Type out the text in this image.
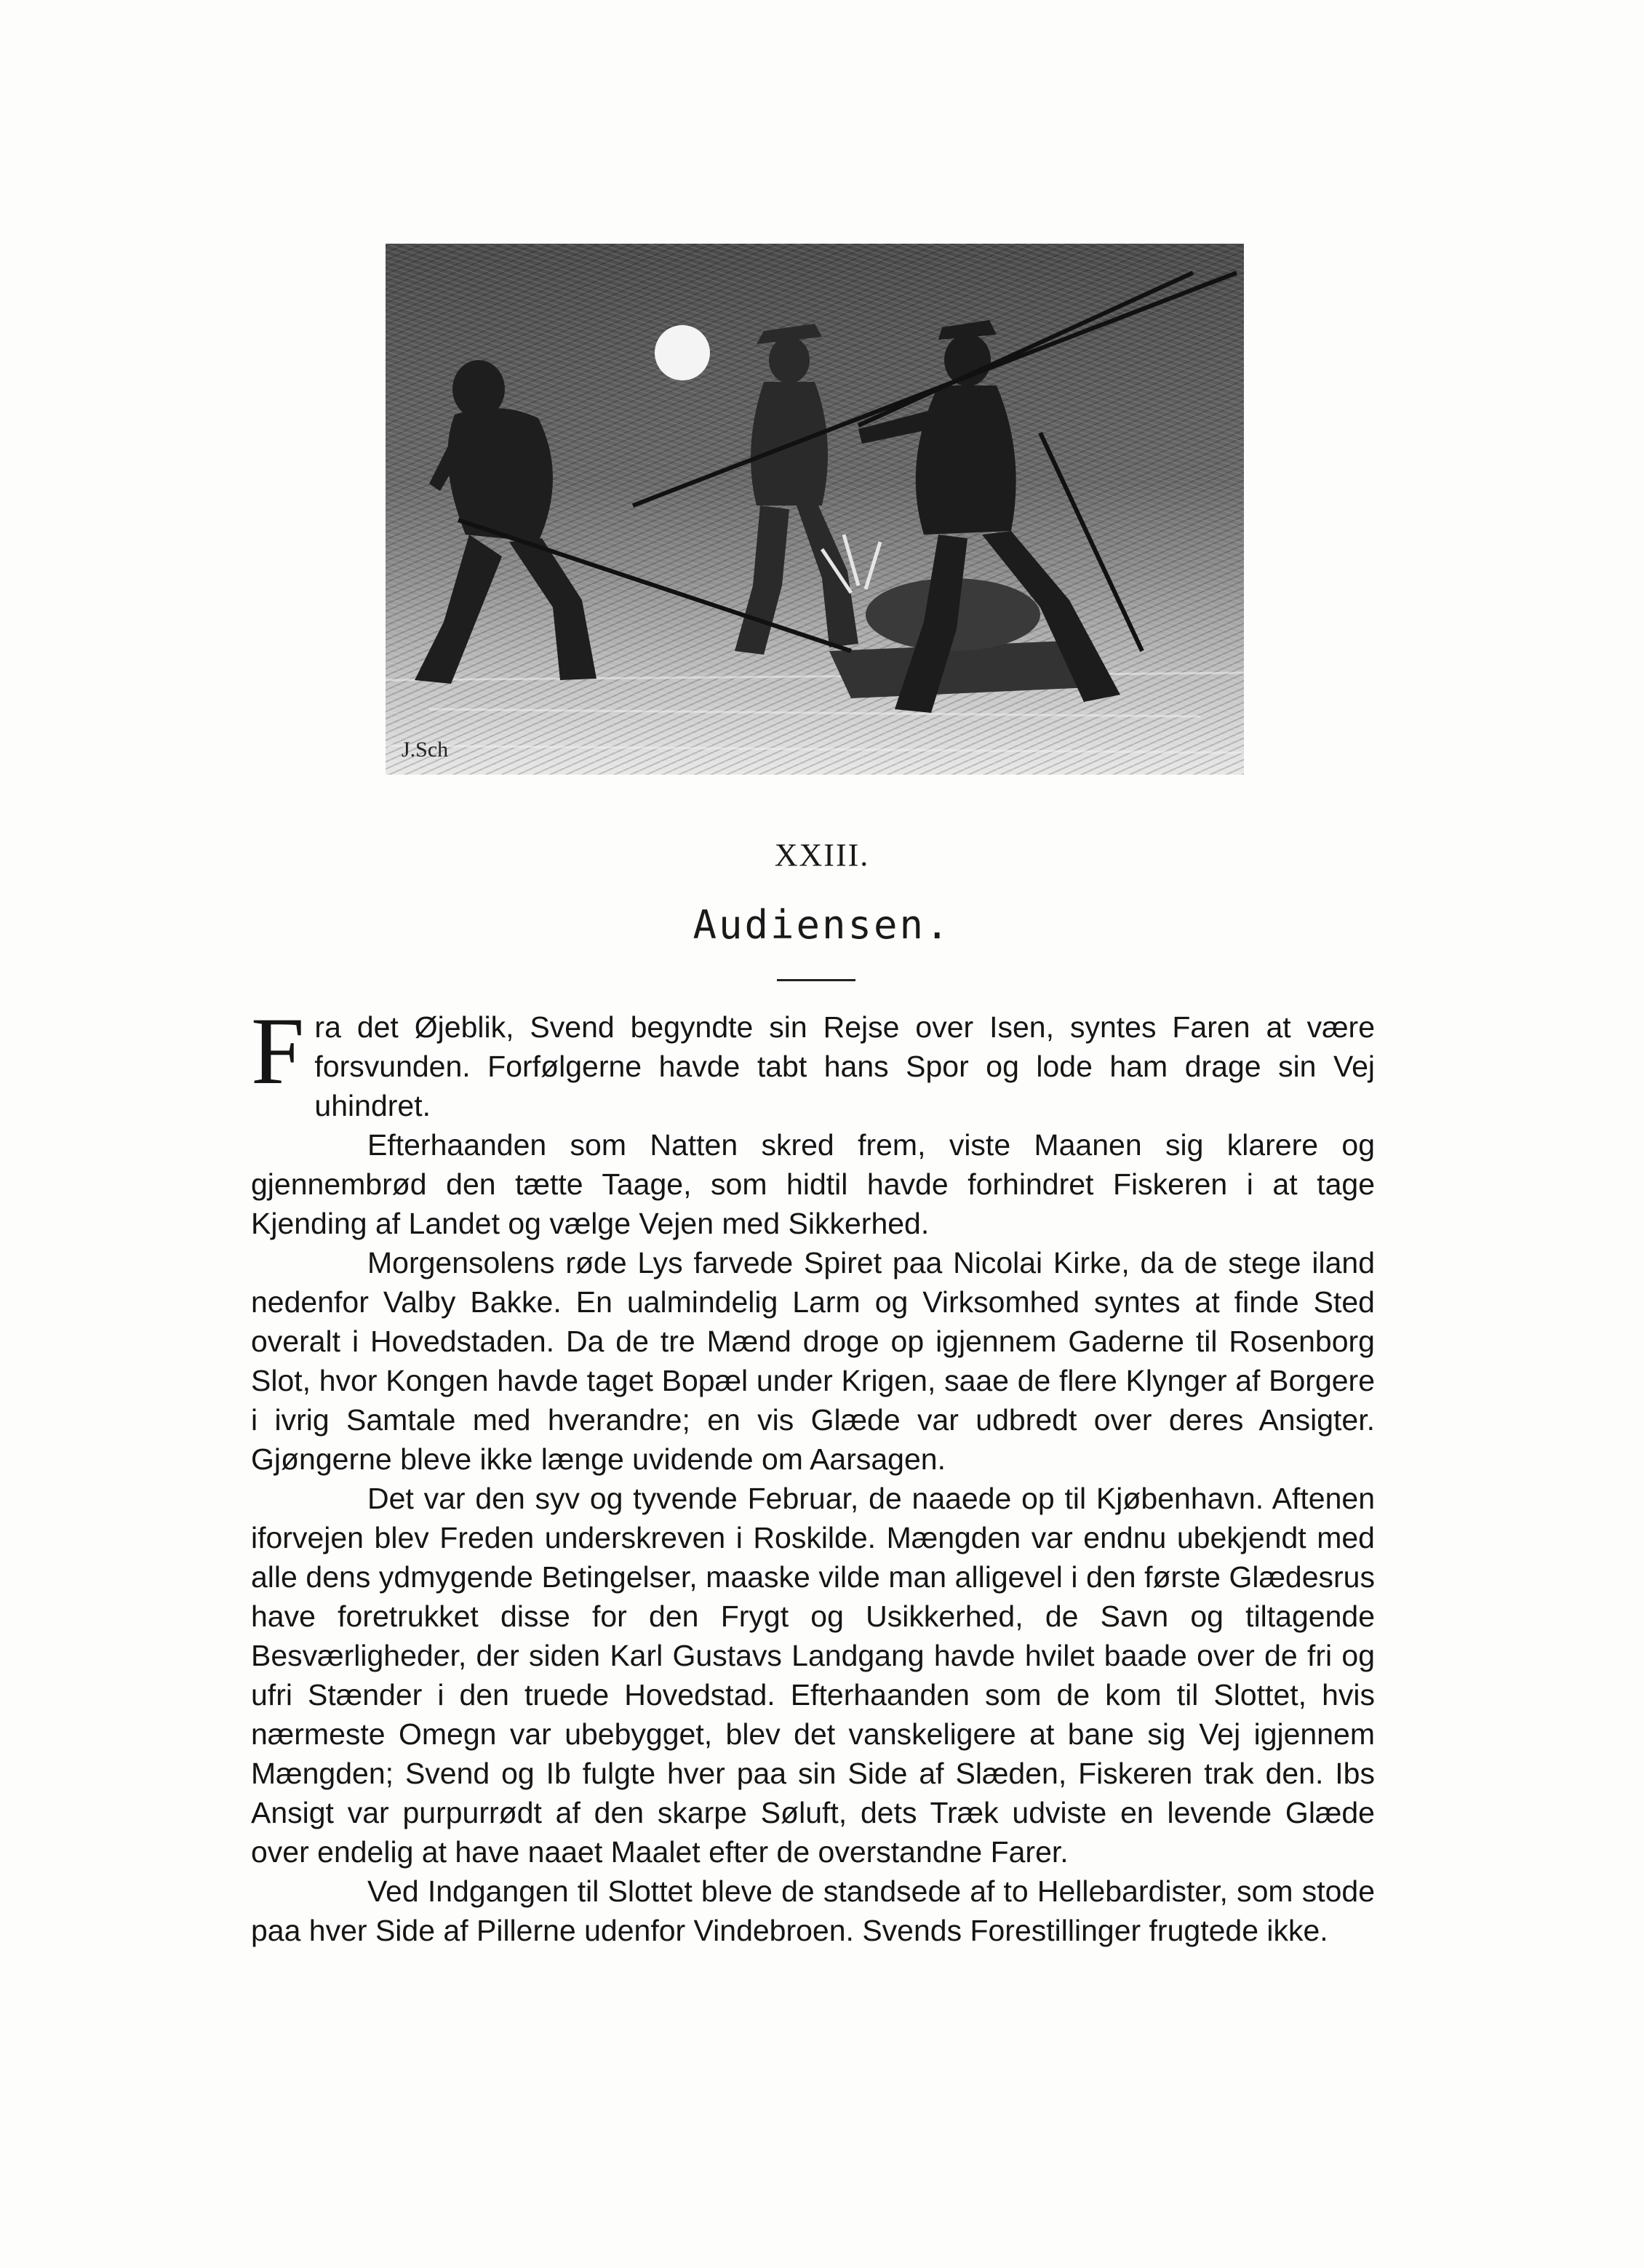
J.Sch
XXIII.
Audiensen.

Fra det Øjeblik, Svend begyndte sin Rejse over Isen, syntes Faren at være forsvunden. Forfølgerne havde tabt hans Spor og lode ham drage sin Vej uhindret.

Efterhaanden som Natten skred frem, viste Maanen sig klarere og gjennembrød den tætte Taage, som hidtil havde forhindret Fiskeren i at tage Kjending af Landet og vælge Vejen med Sikkerhed.

Morgensolens røde Lys farvede Spiret paa Nicolai Kirke, da de stege iland nedenfor Valby Bakke. En ualmindelig Larm og Virksomhed syntes at finde Sted overalt i Hovedstaden. Da de tre Mænd droge op igjennem Gaderne til Rosenborg Slot, hvor Kongen havde taget Bopæl under Krigen, saae de flere Klynger af Borgere i ivrig Samtale med hverandre; en vis Glæde var udbredt over deres Ansigter. Gjøngerne bleve ikke længe uvidende om Aarsagen.

Det var den syv og tyvende Februar, de naaede op til Kjøbenhavn. Aftenen iforvejen blev Freden underskreven i Roskilde. Mængden var endnu ubekjendt med alle dens ydmygende Betingelser, maaske vilde man alligevel i den første Glædesrus have foretrukket disse for den Frygt og Usikkerhed, de Savn og tiltagende Besværligheder, der siden Karl Gustavs Landgang havde hvilet baade over de fri og ufri Stænder i den truede Hovedstad. Efterhaanden som de kom til Slottet, hvis nærmeste Omegn var ubebygget, blev det vanskeligere at bane sig Vej igjennem Mængden; Svend og Ib fulgte hver paa sin Side af Slæden, Fiskeren trak den. Ibs Ansigt var purpurrødt af den skarpe Søluft, dets Træk udviste en levende Glæde over endelig at have naaet Maalet efter de overstandne Farer.

Ved Indgangen til Slottet bleve de standsede af to Hellebardister, som stode paa hver Side af Pillerne udenfor Vindebroen. Svends Forestillinger frugtede ikke.
